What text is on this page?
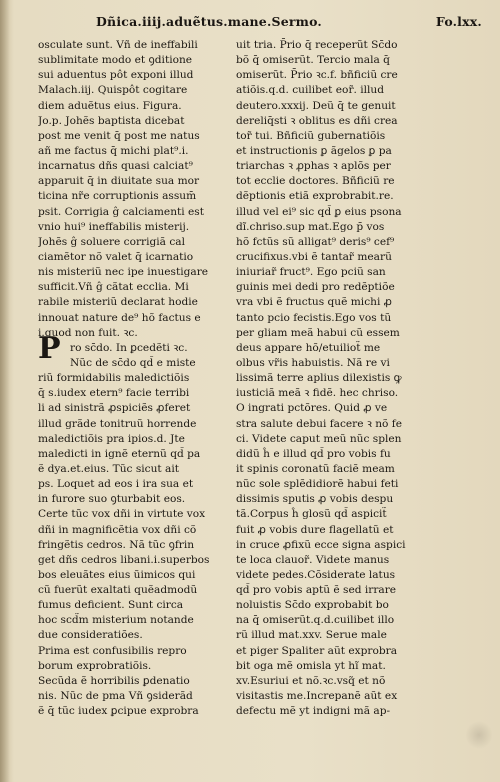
Dñica.iiij.aduẽtus.mane.Sermo.	Fo.lxx.
P
osculate sunt. Vñ de ineffabili
sublimitate modo et ꝯditione
sui aduentus pôt exponi illud
Malach.iij. Quispôt cogitare
diem aduẽtus eius. Figura.
Jo.p. Johẽs baptista dicebat
post me venit q̄ post me natus
añ me factus q̄ michi plat⁹.i.
incarnatus dñs quasi calciat⁹
apparuit q̄ in diuitate sua mor
ticina nr̃e corruptionis assum̄
psit. Corrigia ĝ calciamenti est
vnio hui⁹ ineffabilis misterij.
Johẽs ĝ soluere corrigiã cal
ciamẽtor nõ valet q̄ icarnatio
nis misteriũ nec ipe inuestigare
sufficit.Vñ ĝ cãtat ecclia. Mi
rabile misteriũ declarat hodie
innouat nature de⁹ hõ factus e
i.quod non fuit. ꝛc.
ro sc̄do. In ꝑcedẽti ꝛc.
Nũc de sc̄do qd̄ e miste
riũ formidabilis maledictiõis
q̄ s.iudex etern⁹ facie terribi
li ad sinistrã ꝓspiciẽs ꝓferet
illud grãde tonitruũ horrende
maledictiõis pra ipios.d. Jte
maledicti in ignẽ eternũ qd̄ pa
ẽ dya.et.eius. Tũc sicut ait
ps. Loquet ad eos i ira sua et
in furore suo ꝯturbabit eos.
Certe tũc vox dñi in virtute vox
dñi in magnificẽtia vox dñi cõ
fringẽtis cedros. Nã tũc ꝯfrin
get dñs cedros libani.i.superbos
bos eleuãtes eius ũimicos qui
cũ fuerũt exaltati quẽadmodũ
fumus deficient. Sunt circa
hoc scd̃m misterium notande
due consideratiões.
Prima est confusibilis repro
borum exprobratiõis.
Secũda ẽ horribilis ꝑdenatio
nis. Nũc de pma Vñ ꝯsiderãd
ẽ q̄ tũc iudex ꝑcipue exprobra
uit tria. P̄rio q̄ receperũt Sc̄do
bõ q̄ omiserũt. Tercio mala q̄
omiserũt. P̄rio ꝛc.f. bñficiũ cre
atiõis.q.d. cuilibet eor̃. illud
deutero.xxxij. Deũ q̄ te genuit
dereliq̄sti ꝛ oblitus es dñi crea
tor̃ tui. Bñficiũ gubernatiõis
et instructionis ꝑ ãgelos ꝑ pa
triarchas ꝛ ꝓphas ꝛ aplõs per
tot ecclie doctores. Bñficiũ re
dẽptionis etiã exprobrabit.re.
illud vel ei⁹ sic qd̄ ꝑ eius psona
dĩ.chriso.sup mat.Ego p̄ vos
hõ fctũs sũ alligat⁹ deris⁹ cef⁹
crucifixus.vbi ẽ tantar̃ mearũ
iniuriar̃ fruct⁹. Ego pciũ san
guinis mei dedi pro redẽptiõe
vra vbi ẽ fructus quẽ michi ꝓ
tanto pcio fecistis.Ego vos tũ
per gliam meã habui cũ essem
deus appare hõ/etuiliot̃ me
olbus vr̃is habuistis. Nã re vi
lissimã terre aplius dilexistis ꝙ
iusticiã meã ꝛ fidẽ. hec chriso.
O ingrati pctõres. Quid ꝓ ve
stra salute debui facere ꝛ nõ fe
ci. Videte caput meũ nũc splen
didũ ĥ e illud qd̄ pro vobis fu
it spinis coronatũ faciẽ meam
nũc sole splẽdidiorẽ habui feti
dissimis sputis ꝓ vobis despu
tã.Corpus ĥ glosũ qd̄ aspicit̃
fuit ꝓ vobis dure flagellatũ et
in cruce ꝓfixũ ecce signa aspici
te loca clauor̃. Videte manus
videte pedes.Cõsiderate latus
qd̄ pro vobis aptũ ẽ sed irrare
noluistis Sc̄do exprobabit bo
na q̄ omiserũt.q.d.cuilibet illo
rũ illud mat.xxv. Serue male
et piger Spaliter aũt exprobra
bit oga mẽ omisla yt hĩ mat.
xv.Esuriui et nõ.ꝛc.vsq̃ et nõ
visitastis me.Increpanẽ aũt ex
defectu mẽ yt indigni mã ap-
